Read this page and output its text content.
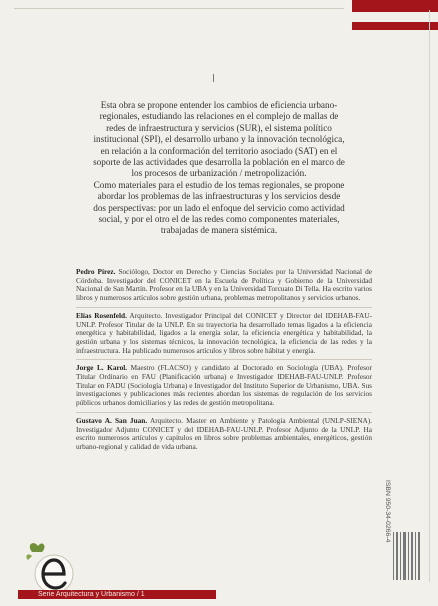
Esta obra se propone entender los cambios de eficiencia urbano-

regionales, estudiando las relaciones en el complejo de mallas de

redes de infraestructura y servicios (SUR), el sistema político

institucional (SPI), el desarrollo urbano y la innovación tecnológica,

en relación a la conformación del territorio asociado (SAT) en el

soporte de las actividades que desarrolla la población en el marco de

los procesos de urbanización / metropolización.

Como materiales para el estudio de los temas regionales, se propone

abordar los problemas de las infraestructuras y los servicios desde

dos perspectivas: por un lado el enfoque del servicio como actividad

social, y por el otro el de las redes como componentes materiales,

trabajadas de manera sistémica.

Pedro Pírez. Sociólogo, Doctor en Derecho y Ciencias Sociales por la Universidad Nacional de Córdoba. Investigador del CONICET en la Escuela de Política y Gobierno de la Universidad Nacional de San Martín. Profesor en la UBA y en la Universidad Torcuato Di Tella. Ha escrito varios libros y numerosos artículos sobre gestión urbana, problemas metropolitanos y servicios urbanos.

Elías Rosenfeld. Arquitecto. Investigador Principal del CONICET y Director del IDEHAB-FAU-UNLP. Profesor Titular de la UNLP. En su trayectoria ha desarrollado temas ligados a la eficiencia energética y habitabilidad, ligados a la energía solar, la eficiencia energética y habitabilidad, la gestión urbana y los sistemas técnicos, la innovación tecnológica, la eficiencia de las redes y la infraestructura. Ha publicado numerosos artículos y libros sobre hábitat y energía.

Jorge L. Karol. Maestro (FLACSO) y candidato al Doctorado en Sociología (UBA). Profesor Titular Ordinario en FAU (Planificación urbana) e Investigador IDEHAB-FAU-UNLP. Profesor Titular en FADU (Sociología Urbana) e Investigador del Instituto Superior de Urbanismo, UBA. Sus investigaciones y publicaciones más recientes abordan los sistemas de regulación de los servicios públicos urbanos domiciliarios y las redes de gestión metropolitana.

Gustavo A. San Juan. Arquitecto. Master en Ambiente y Patología Ambiental (UNLP-SIENA). Investigador Adjunto CONICET y del IDEHAB-FAU-UNLP. Profesor Adjunto de la UNLP. Ha escrito numerosos artículos y capítulos en libros sobre problemas ambientales, energéticos, gestión urbano-regional y calidad de vida urbana.

ISBN 950-34-0266-4
Serie Arquitectura y Urbanismo / 1
